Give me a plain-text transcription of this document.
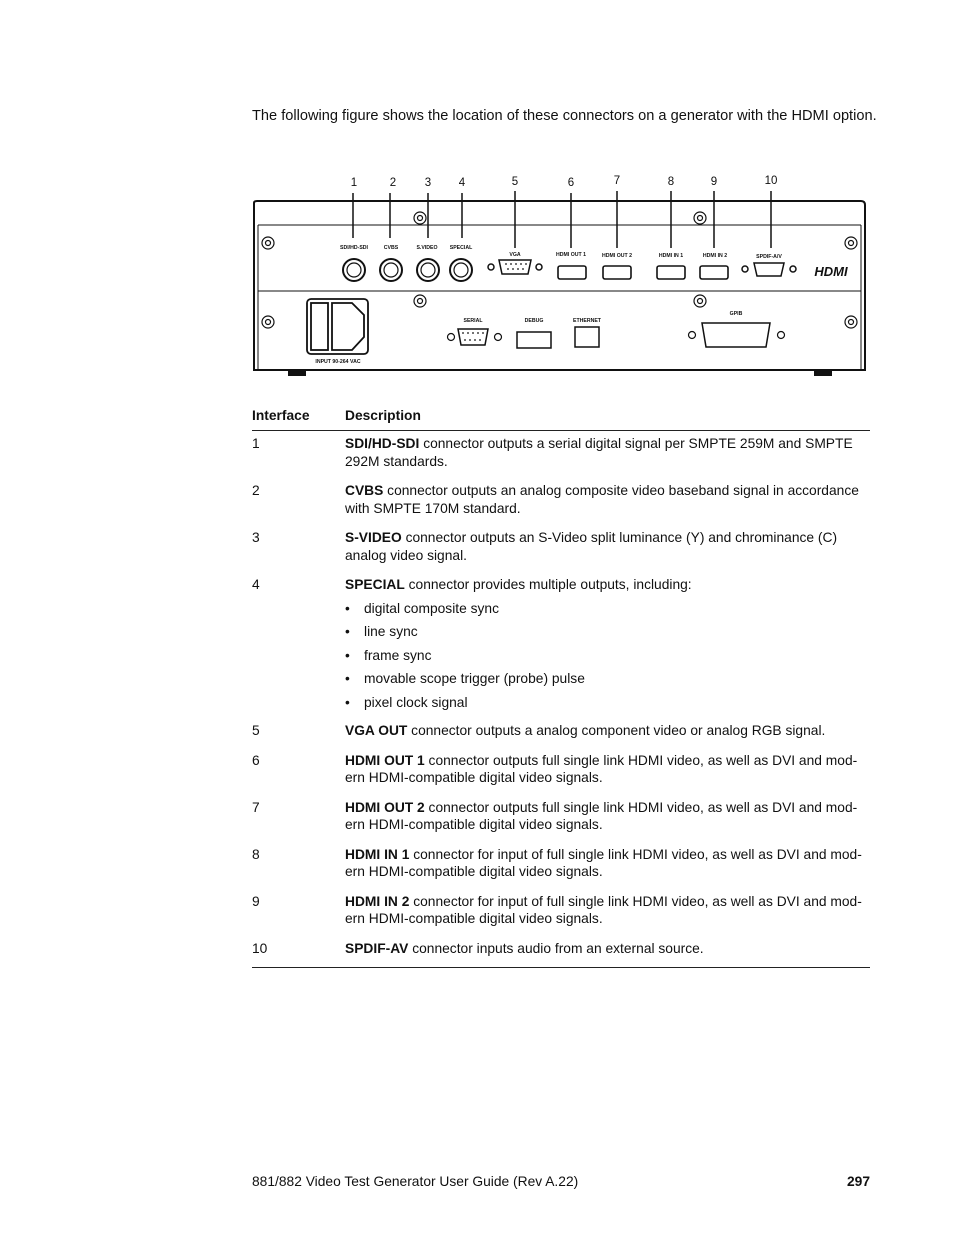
The following figure shows the location of these connectors on a generator with the HDMI option.

1	2 3 4	5	6	7	8	9	10
SDI/HD-SDI	CVBS	S.VIDEO SPECIAL
VGA	HDMI OUT 1	HDMI OUT 2	HDMI IN 1	HDMI IN 2	SPDIF-A/V
SERIAL	DEBUG	ETHERNET
GPIB
INPUT 90-264 VAC
HDMI
Interface	Description
1	SDI/HD-SDI connector outputs a serial digital signal per SMPTE 259M and SMPTE 292M standards.
2	CVBS connector outputs an analog composite video baseband signal in accordance with SMPTE 170M standard.
3	S-VIDEO connector outputs an S-Video split luminance (Y) and chrominance (C) analog video signal.
4	SPECIAL connector provides multiple outputs, including:
• digital composite sync
• line sync
• frame sync
• movable scope trigger (probe) pulse
• pixel clock signal
5	VGA OUT connector outputs a analog component video or analog RGB signal.
6	HDMI OUT 1 connector outputs full single link HDMI video, as well as DVI and mod- ern HDMI-compatible digital video signals.
7	HDMI OUT 2 connector outputs full single link HDMI video, as well as DVI and mod- ern HDMI-compatible digital video signals.
8	HDMI IN 1 connector for input of full single link HDMI video, as well as DVI and mod- ern HDMI-compatible digital video signals.
9	HDMI IN 2 connector for input of full single link HDMI video, as well as DVI and mod- ern HDMI-compatible digital video signals.
10	SPDIF-AV connector inputs audio from an external source.
881/882 Video Test Generator User Guide (Rev A.22)	297
